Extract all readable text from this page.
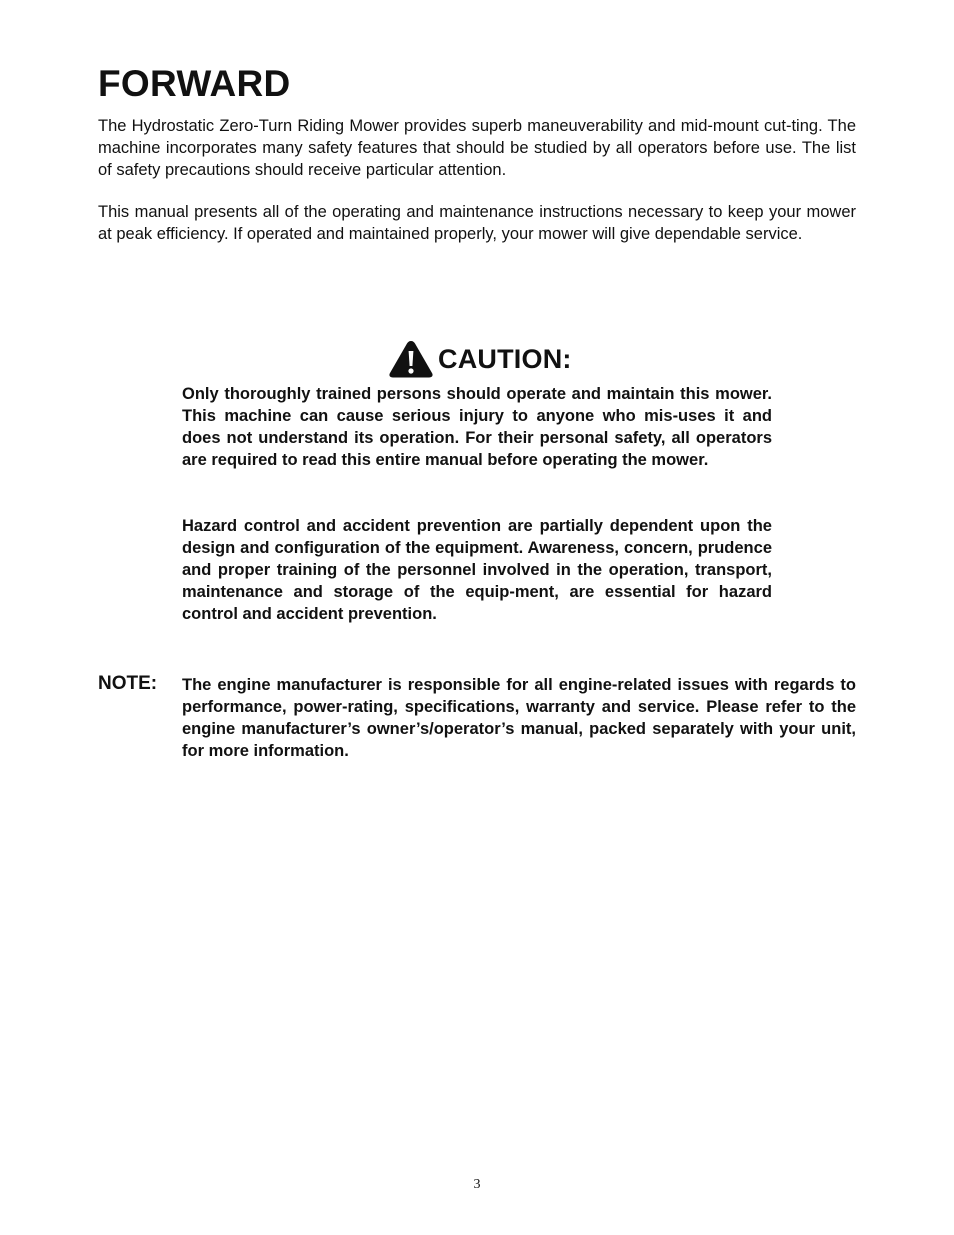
FORWARD

The Hydrostatic Zero-Turn Riding Mower provides superb maneuverability and mid-mount cut-ting. The machine incorporates many safety features that should be studied by all operators before use. The list of safety precautions should receive particular attention.

This manual presents all of the operating and maintenance instructions necessary to keep your mower at peak efficiency. If operated and maintained properly, your mower will give dependable service.

CAUTION:

Only thoroughly trained persons should operate and maintain this mower. This machine can cause serious injury to anyone who mis-uses it and does not understand its operation. For their personal safety, all operators are required to read this entire manual before operating the mower.

Hazard control and accident prevention are partially dependent upon the design and configuration of the equipment. Awareness, concern, prudence and proper training of the personnel involved in the operation, transport, maintenance and storage of the equip-ment, are essential for hazard control and accident prevention.

NOTE: The engine manufacturer is responsible for all engine-related issues with regards to performance, power-rating, specifications, warranty and service. Please refer to the engine manufacturer’s owner’s/operator’s manual, packed separately with your unit, for more information.

3
